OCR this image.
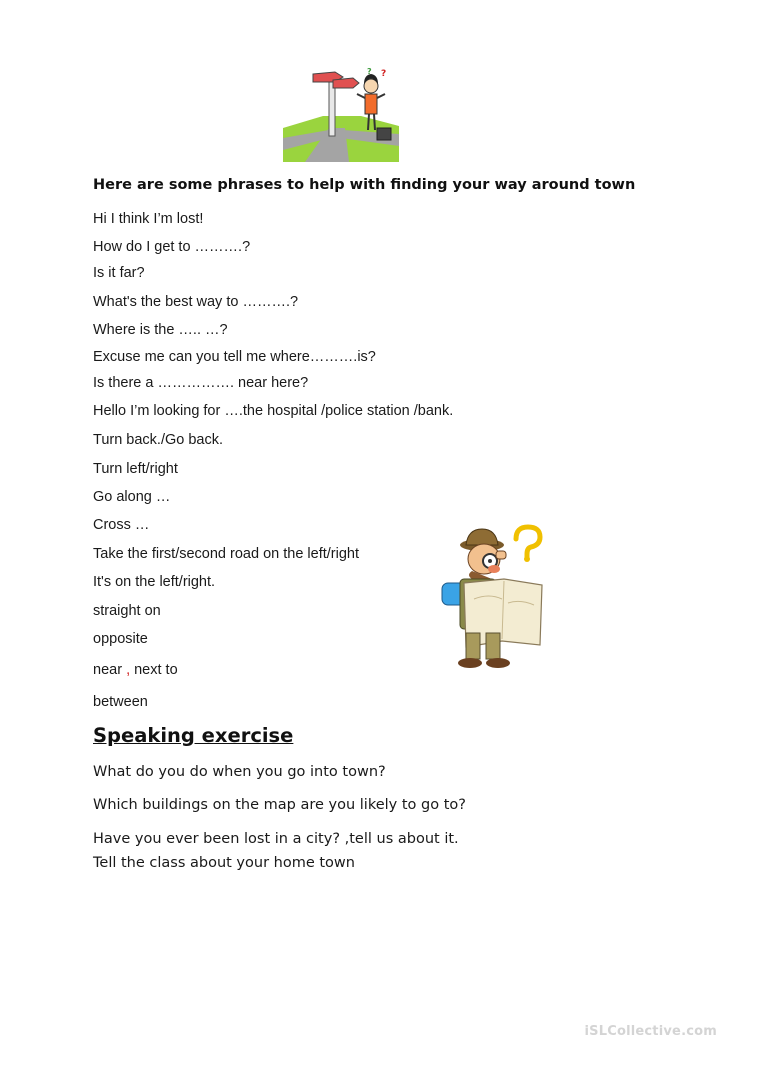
?
?
Here are some phrases to help with finding your way around town
Hi I think I’m lost!
How do I get to ……….?
Is it far?
What's the best way to ……….?
Where is the ….. …?
Excuse me can you tell me where……….is?
Is there a ……………. near here?
Hello I’m looking for ….the hospital /police station /bank.
Turn back./Go back.
Turn left/right
Go along …
Cross …
Take the first/second road on the left/right
It's on the left/right.
straight on
opposite
near , next to
between
Speaking exercise
What do you do when you go into town?
Which buildings on the map are you likely to go to?
Have you ever been lost in a city? ,tell us about it.
Tell the class about your home town
iSLCollective.com
